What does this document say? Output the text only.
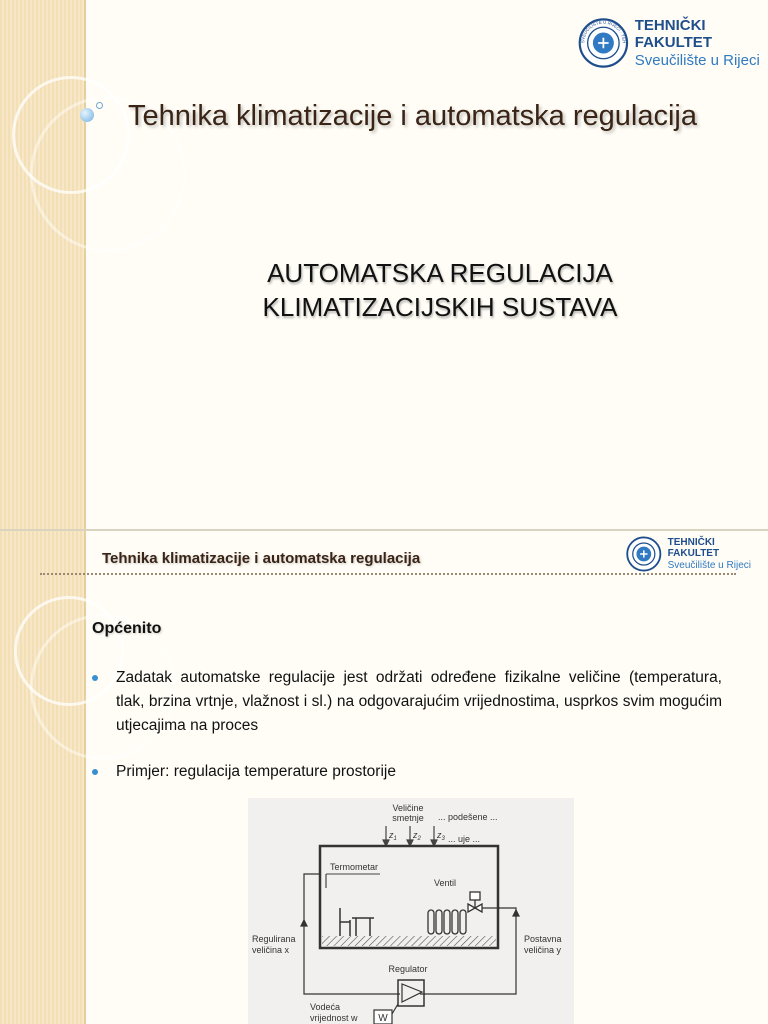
SVEUČILIŠTE U RIJECI · TEH
TEHNIČKI FAKULTET
Sveučilište u Rijeci
Tehnika klimatizacije i automatska regulacija
AUTOMATSKA REGULACIJA
KLIMATIZACIJSKIH SUSTAVA
Tehnika klimatizacije i automatska regulacija
TEHNIČKI FAKULTET
Sveučilište u Rijeci
Općenito
Zadatak automatske regulacije jest održati određene fizikalne veličine (temperatura, tlak, brzina vrtnje, vlažnost i sl.) na odgovarajućim vrijednostima, usprkos svim mogućim utjecajima na proces
Primjer: regulacija temperature prostorije
... podešene ...
... uje ...
Veličine
smetnje
$z_1$ $z_2$ $z_3$
Termometar
Ventil
Regulirana
veličina x
Postavna
veličina y
Regulator
W
Vodeća
vrijednost w
